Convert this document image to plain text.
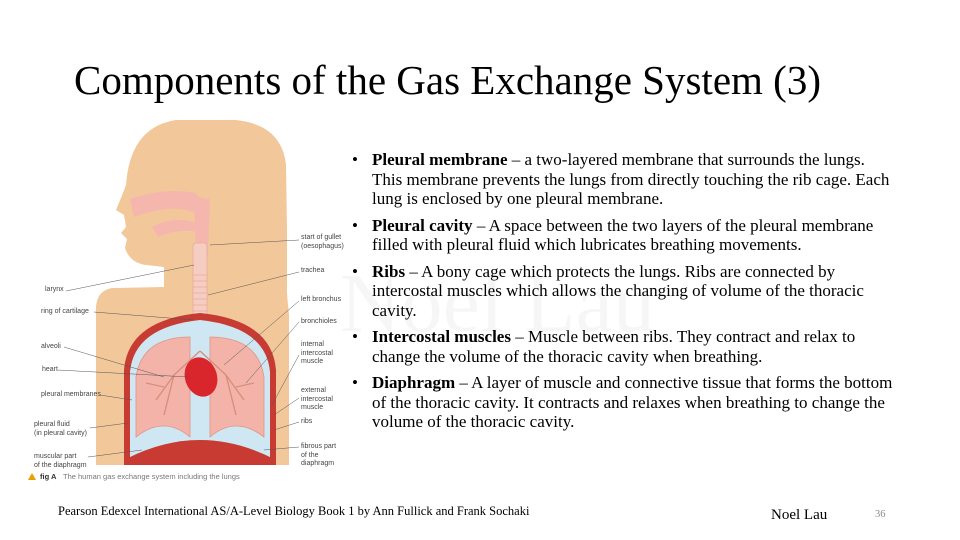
Components of the Gas Exchange System (3)
larynx
ring of cartilage
alveoli
heart
pleural membranes
pleural fluid
(in pleural cavity)
muscular part
of the diaphragm
start of gullet
(oesophagus)
trachea
left bronchus
bronchioles
internal
intercostal
muscle
external
intercostal
muscle
ribs
fibrous part
of the
diaphragm
fig A The human gas exchange system including the lungs
• Pleural membrane – a two-layered membrane that surrounds the lungs. This membrane prevents the lungs from directly touching the rib cage. Each lung is enclosed by one pleural membrane.
• Pleural cavity – A space between the two layers of the pleural membrane filled with pleural fluid which lubricates breathing movements.
• Ribs – A bony cage which protects the lungs. Ribs are connected by intercostal muscles which allows the changing of volume of the thoracic cavity.
• Intercostal muscles – Muscle between ribs. They contract and relax to change the volume of the thoracic cavity when breathing.
• Diaphragm – A layer of muscle and connective tissue that forms the bottom of the thoracic cavity. It contracts and relaxes when breathing to change the volume of the thoracic cavity.
Pearson Edexcel International AS/A-Level Biology Book 1 by Ann Fullick and Frank Sochaki	Noel Lau	36
